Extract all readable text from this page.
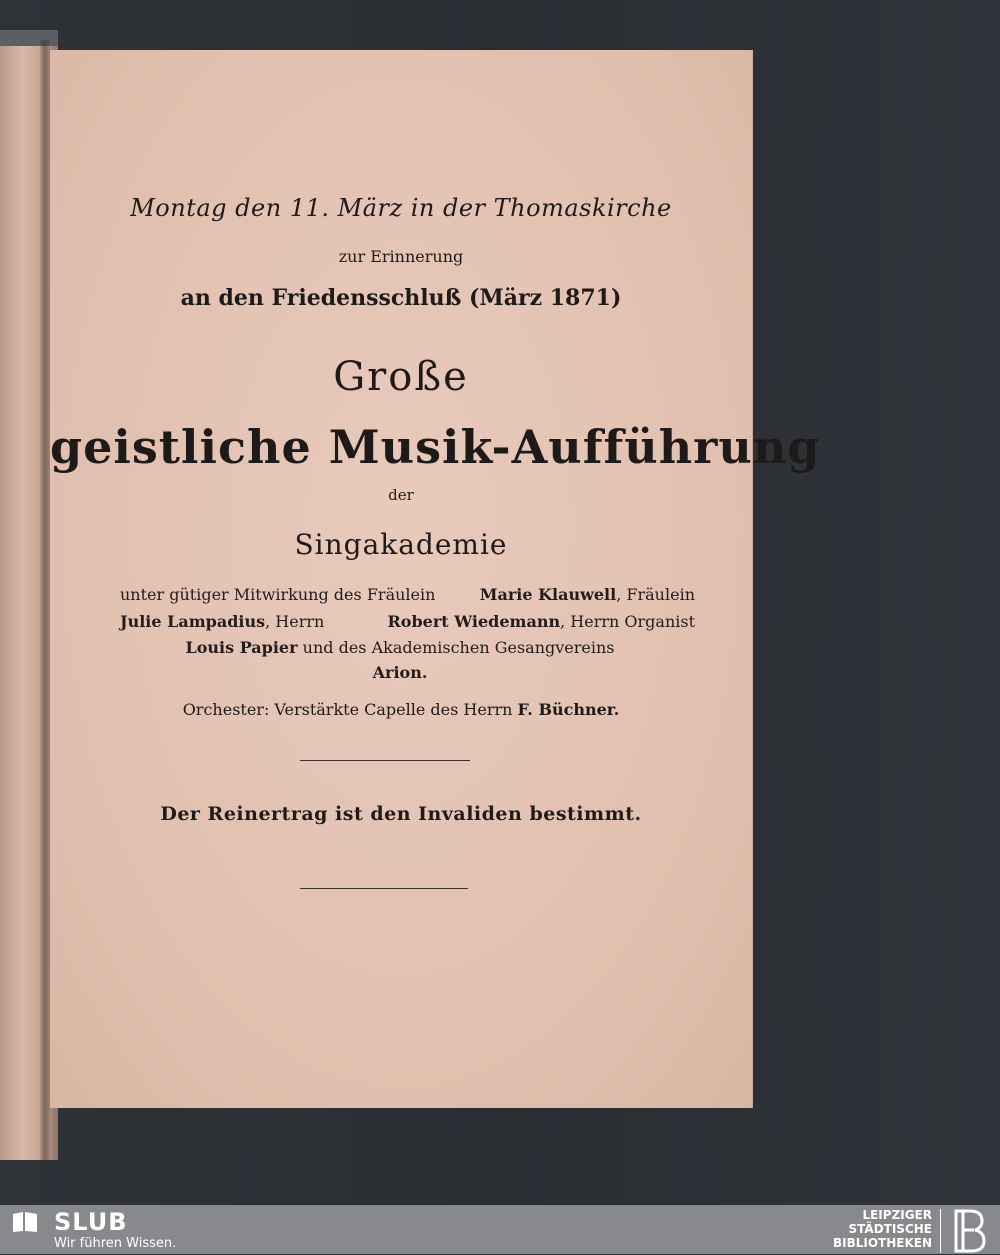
Montag den 11. März in der Thomaskirche
zur Erinnerung
an den Friedensschluß (März 1871)
Große
geistliche Musik-Aufführung
der
Singakademie
unter gütiger Mitwirkung des Fräulein	Marie Klauwell, Fräulein
Julie Lampadius, Herrn	Robert Wiedemann, Herrn Organist
Louis Papier und des Akademischen Gesangvereins
Arion.
Orchester: Verstärkte Capelle des Herrn F. Büchner.
Der Reinertrag ist den Invaliden bestimmt.
SLUB
Wir führen Wissen.
LEIPZIGER
STÄDTISCHE
BIBLIOTHEKEN
